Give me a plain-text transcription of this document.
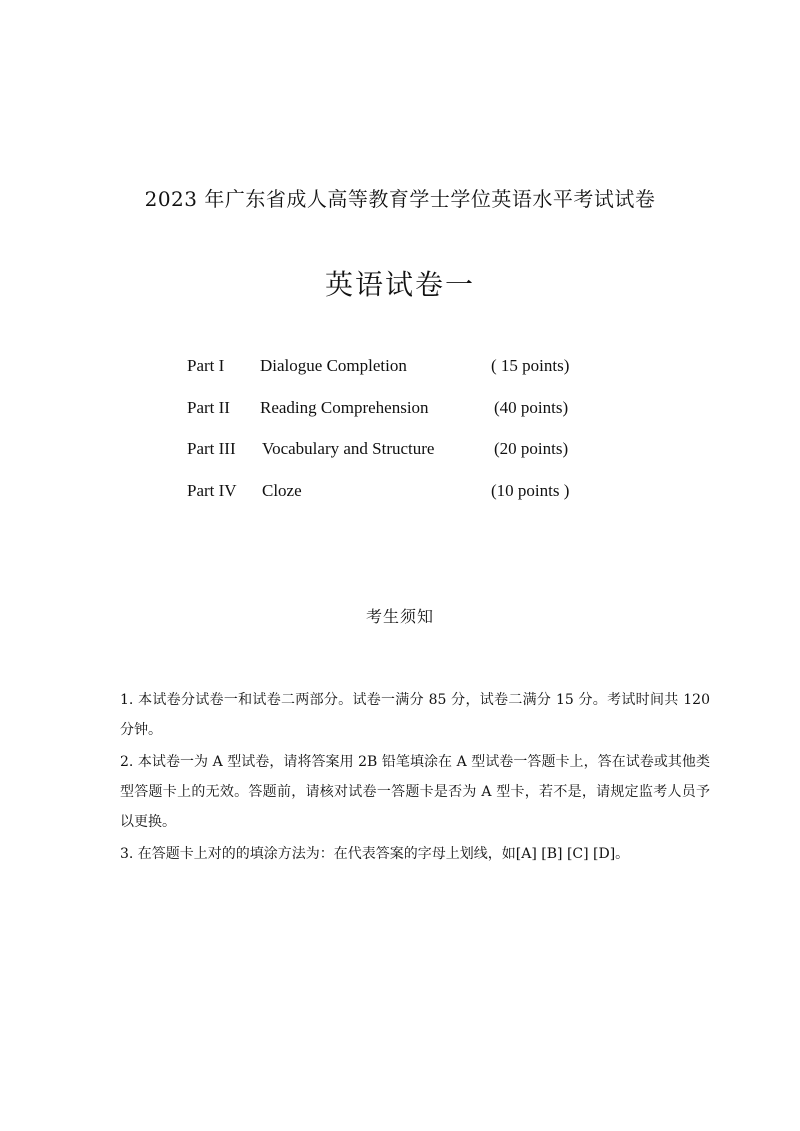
2023 年广东省成人高等教育学士学位英语水平考试试卷
英语试卷一
Part I Dialogue Completion	( 15 points)
Part II Reading Comprehension	(40 points)
Part III Vocabulary and Structure	(20 points)
Part IV Cloze	(10 points )
考生须知

1. 本试卷分试卷一和试卷二两部分。试卷一满分 85 分，试卷二满分 15 分。考试时间共 120 分钟。

2. 本试卷一为 A 型试卷，请将答案用 2B 铅笔填涂在 A 型试卷一答题卡上，答在试卷或其他类型答题卡上的无效。答题前，请核对试卷一答题卡是否为 A 型卡，若不是，请规定监考人员予以更换。

3. 在答题卡上对的的填涂方法为：在代表答案的字母上划线，如[A] [B] [C] [D]。
